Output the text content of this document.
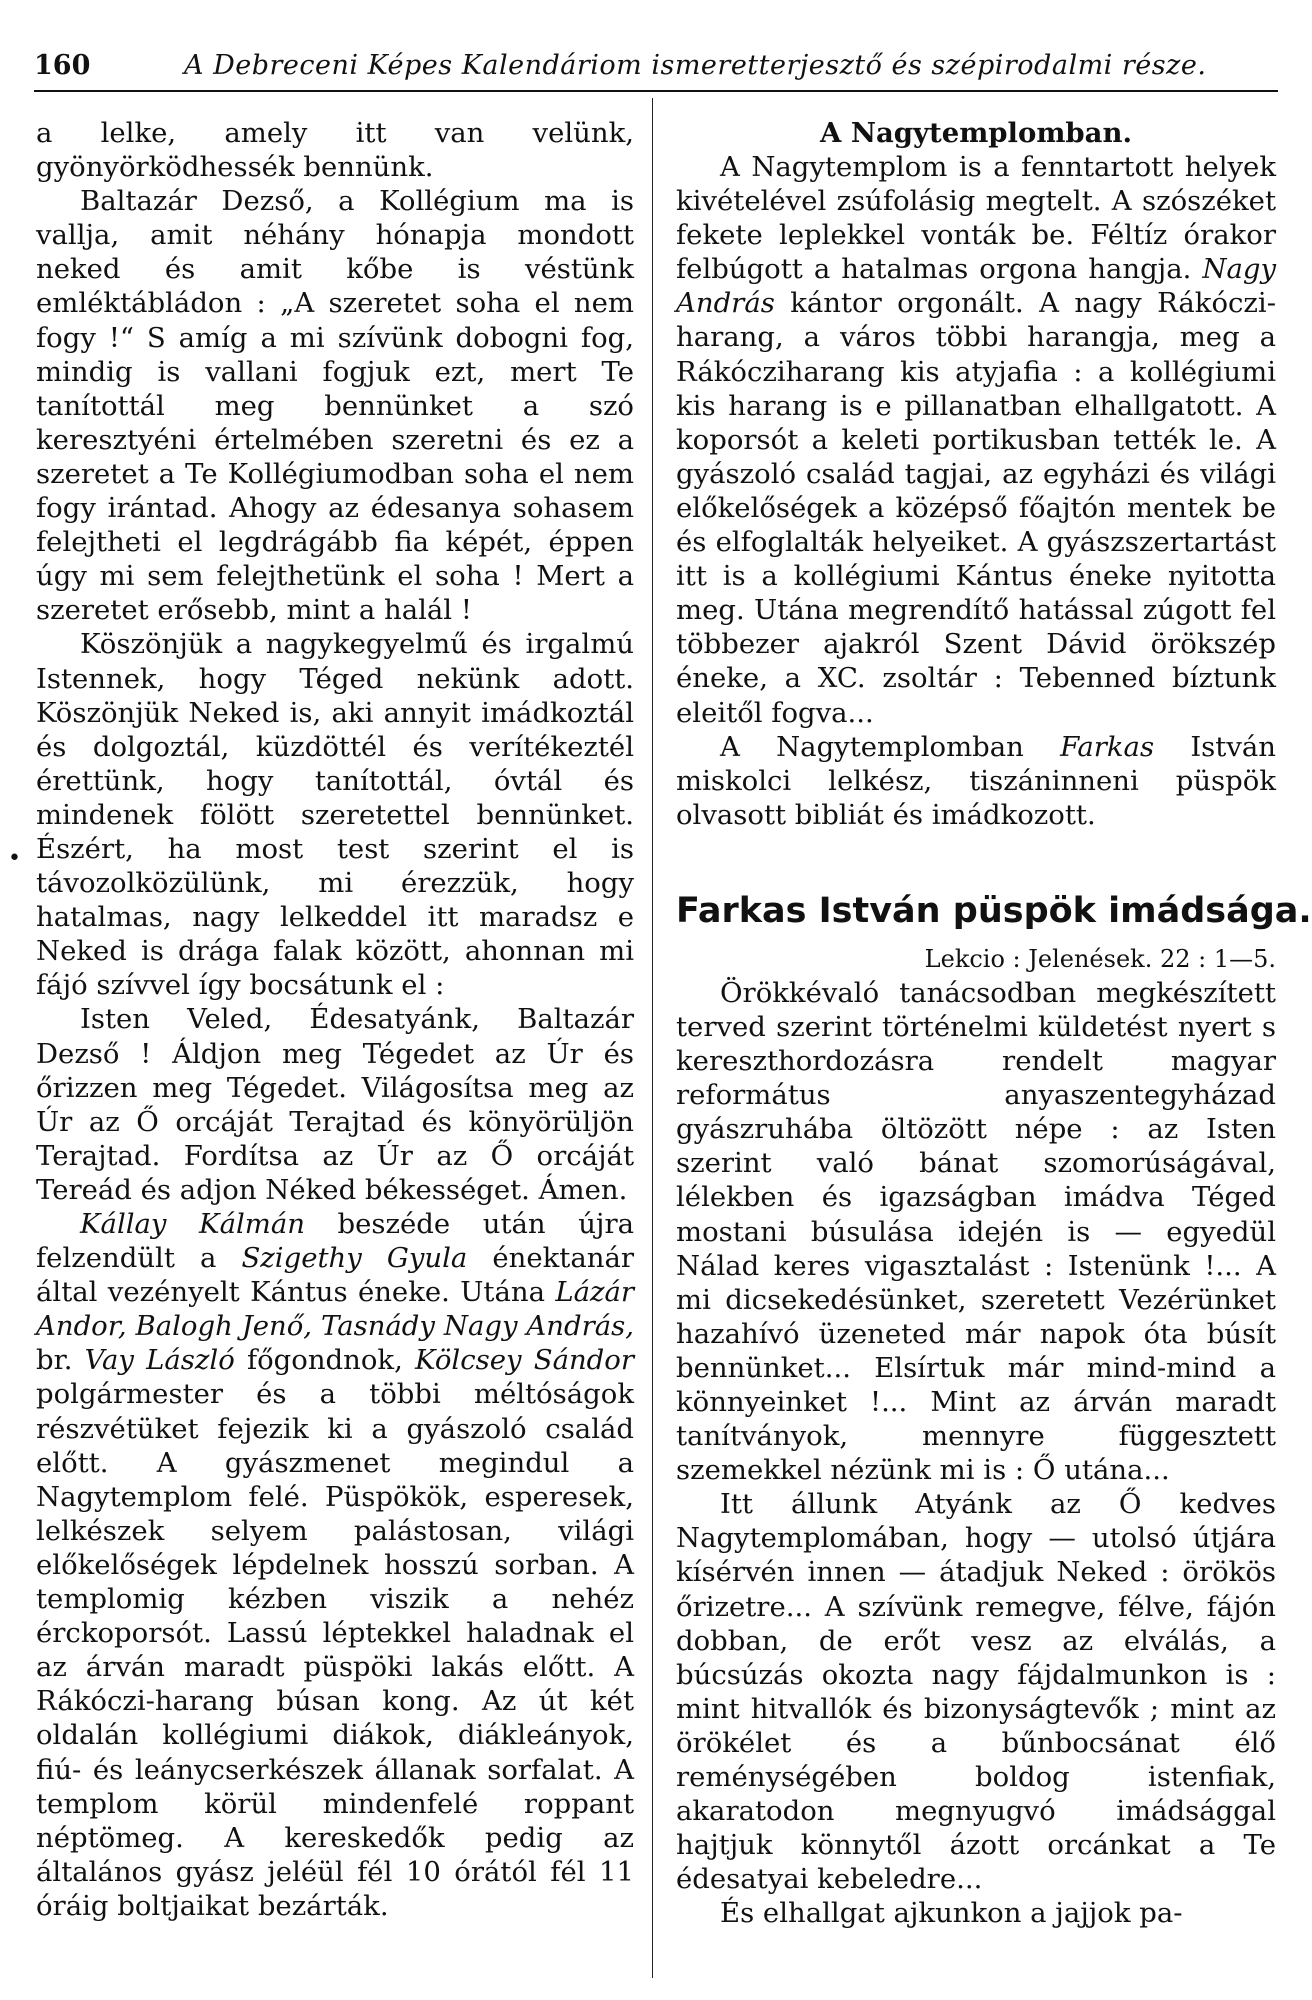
160	A Debreceni Képes Kalendáriom ismeretterjesztő és szépirodalmi része.
•

a lelke, amely itt van velünk, gyönyörködhessék bennünk.

Baltazár Dezső, a Kollégium ma is vallja, amit néhány hónapja mondott neked és amit kőbe is véstünk emléktábládon : „A szeretet soha el nem fogy !“ S amíg a mi szívünk dobogni fog, mindig is vallani fogjuk ezt, mert Te tanítottál meg bennünket a szó keresztyéni értelmében szeretni és ez a szeretet a Te Kollégiumodban soha el nem fogy irántad. Ahogy az édesanya sohasem felejtheti el legdrágább fia képét, éppen úgy mi sem felejthetünk el soha ! Mert a szeretet erősebb, mint a halál !

Köszönjük a nagykegyelmű és irgalmú Istennek, hogy Téged nekünk adott. Köszönjük Neked is, aki annyit imádkoztál és dolgoztál, küzdöttél és verítékeztél érettünk, hogy tanítottál, óvtál és mindenek fölött szeretettel bennünket. Észért, ha most test szerint el is távozolközülünk, mi érezzük, hogy hatalmas, nagy lelkeddel itt maradsz e Neked is drága falak között, ahonnan mi fájó szívvel így bocsátunk el :

Isten Veled, Édesatyánk, Baltazár Dezső ! Áldjon meg Tégedet az Úr és őrizzen meg Tégedet. Világosítsa meg az Úr az Ő orcáját Terajtad és könyörüljön Terajtad. Fordítsa az Úr az Ő orcáját Tereád és adjon Néked békességet. Ámen.

Kállay Kálmán beszéde után újra felzendült a Szigethy Gyula énektanár által vezényelt Kántus éneke. Utána Lázár Andor, Balogh Jenő, Tasnády Nagy András, br. Vay László főgondnok, Kölcsey Sándor polgármester és a többi méltóságok részvétüket fejezik ki a gyászoló család előtt. A gyászmenet megindul a Nagytemplom felé. Püspökök, esperesek, lelkészek selyem palástosan, világi előkelőségek lépdelnek hosszú sorban. A templomig kézben viszik a nehéz érckoporsót. Lassú léptekkel haladnak el az árván maradt püspöki lakás előtt. A Rákóczi-harang búsan kong. Az út két oldalán kollégiumi diákok, diákleányok, fiú- és leánycserkészek állanak sorfalat. A templom körül mindenfelé roppant néptömeg. A kereskedők pedig az általános gyász jeléül fél 10 órától fél 11 óráig boltjaikat bezárták.

A Nagytemplomban.

A Nagytemplom is a fenntartott helyek kivételével zsúfolásig megtelt. A szószéket fekete leplekkel vonták be. Féltíz órakor felbúgott a hatalmas orgona hangja. Nagy András kántor orgonált. A nagy Rákóczi-harang, a város többi harangja, meg a Rákócziharang kis atyjafia : a kollégiumi kis harang is e pillanatban elhallgatott. A koporsót a keleti portikusban tették le. A gyászoló család tagjai, az egyházi és világi előkelőségek a középső főajtón mentek be és elfoglalták helyeiket. A gyászszertartást itt is a kollégiumi Kántus éneke nyitotta meg. Utána megrendítő hatással zúgott fel többezer ajakról Szent Dávid örökszép éneke, a XC. zsoltár : Tebenned bíztunk eleitől fogva...

A Nagytemplomban Farkas István miskolci lelkész, tiszáninneni püspök olvasott bibliát és imádkozott.

Farkas István püspök imádsága.

Lekcio : Jelenések. 22 : 1—5.

Örökkévaló tanácsodban megkészített terved szerint történelmi küldetést nyert s kereszthordozásra rendelt magyar református anyaszentegyházad gyászruhába öltözött népe : az Isten szerint való bánat szomorúságával, lélekben és igazságban imádva Téged mostani búsulása idején is — egyedül Nálad keres vigasztalást : Istenünk !... A mi dicsekedésünket, szeretett Vezérünket hazahívó üzeneted már napok óta búsít bennünket... Elsírtuk már mind-mind a könnyeinket !... Mint az árván maradt tanítványok, mennyre függesztett szemekkel nézünk mi is : Ő utána...

Itt állunk Atyánk az Ő kedves Nagytemplomában, hogy — utolsó útjára kísérvén innen — átadjuk Neked : örökös őrizetre... A szívünk remegve, félve, fájón dobban, de erőt vesz az elválás, a búcsúzás okozta nagy fájdalmunkon is : mint hitvallók és bizonyságtevők ; mint az örökélet és a bűnbocsánat élő reménységében boldog istenfiak, akaratodon megnyugvó imádsággal hajtjuk könnytől ázott orcánkat a Te édesatyai kebeledre...

És elhallgat ajkunkon a jajjok pa-
